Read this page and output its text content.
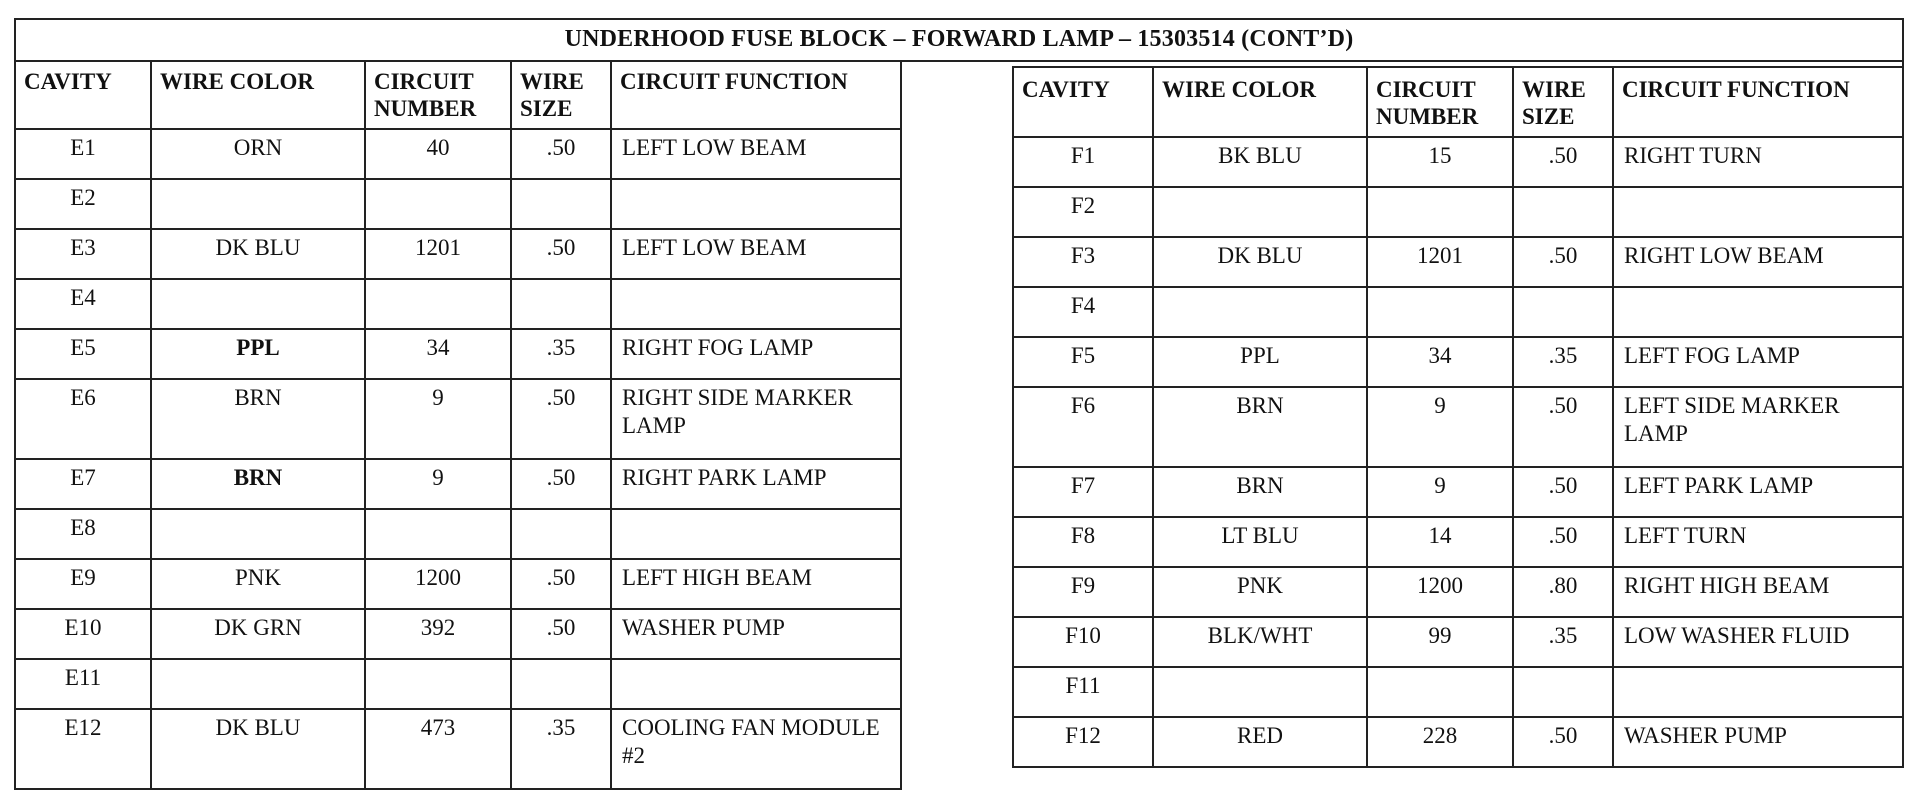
UNDERHOOD FUSE BLOCK – FORWARD LAMP – 15303514 (CONT’D)
CAVITY	WIRE COLOR	CIRCUIT NUMBER	WIRE SIZE	CIRCUIT FUNCTION
E1	ORN	40	.50	LEFT LOW BEAM
E2				
E3	DK BLU	1201	.50	LEFT LOW BEAM
E4				
E5	PPL	34	.35	RIGHT FOG LAMP
E6	BRN	9	.50	RIGHT SIDE MARKER LAMP
E7	BRN	9	.50	RIGHT PARK LAMP
E8				
E9	PNK	1200	.50	LEFT HIGH BEAM
E10	DK GRN	392	.50	WASHER PUMP
E11				
E12	DK BLU	473	.35	COOLING FAN MODULE #2
CAVITY	WIRE COLOR	CIRCUIT NUMBER	WIRE SIZE	CIRCUIT FUNCTION
F1	BK BLU	15	.50	RIGHT TURN
F2				
F3	DK BLU	1201	.50	RIGHT LOW BEAM
F4				
F5	PPL	34	.35	LEFT FOG LAMP
F6	BRN	9	.50	LEFT SIDE MARKER LAMP
F7	BRN	9	.50	LEFT PARK LAMP
F8	LT BLU	14	.50	LEFT TURN
F9	PNK	1200	.80	RIGHT HIGH BEAM
F10	BLK/WHT	99	.35	LOW WASHER FLUID
F11				
F12	RED	228	.50	WASHER PUMP
